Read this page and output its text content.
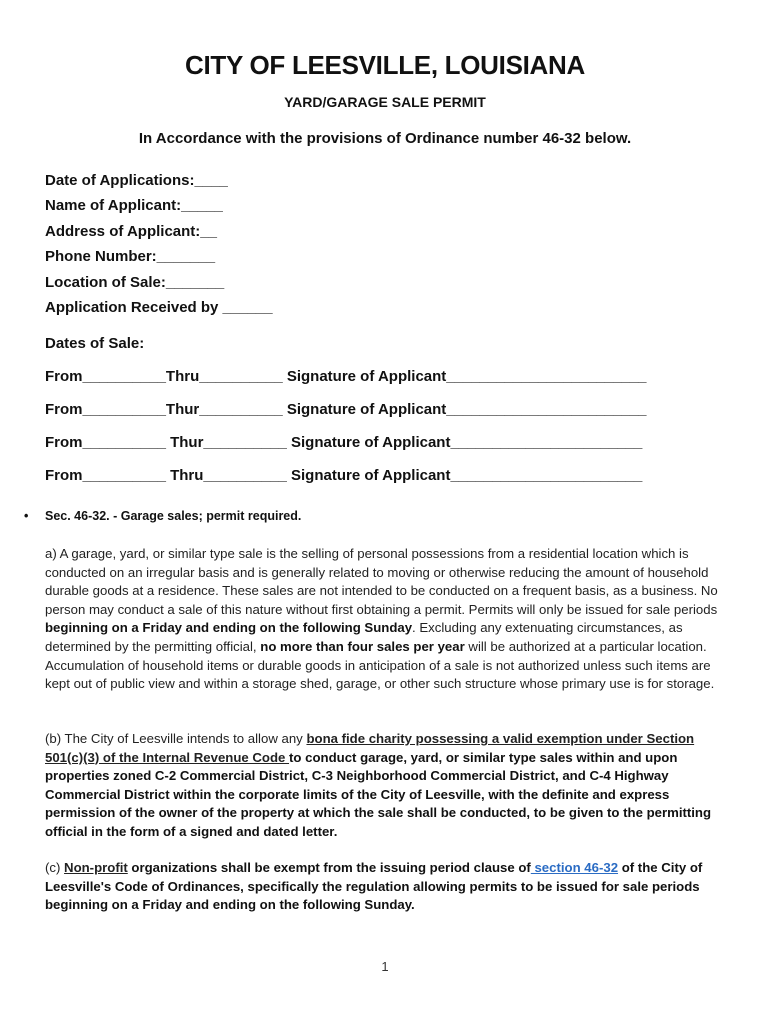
CITY OF LEESVILLE, LOUISIANA
YARD/GARAGE SALE PERMIT
In Accordance with the provisions of Ordinance number 46-32 below.
Date of Applications:____
Name of Applicant:_____
Address of Applicant:__
Phone Number:_______
Location of Sale:_______
Application Received by ______
Dates of Sale:
From__________Thru__________ Signature of Applicant________________________
From__________Thur__________ Signature of Applicant________________________
From__________ Thur__________ Signature of Applicant_______________________
From__________ Thru__________ Signature of Applicant_______________________
• Sec. 46-32. - Garage sales; permit required.
a) A garage, yard, or similar type sale is the selling of personal possessions from a residential location which is conducted on an irregular basis and is generally related to moving or otherwise reducing the amount of household durable goods at a residence. These sales are not intended to be conducted on a frequent basis, as a business. No person may conduct a sale of this nature without first obtaining a permit. Permits will only be issued for sale periods beginning on a Friday and ending on the following Sunday. Excluding any extenuating circumstances, as determined by the permitting official, no more than four sales per year will be authorized at a particular location. Accumulation of household items or durable goods in anticipation of a sale is not authorized unless such items are kept out of public view and within a storage shed, garage, or other such structure whose primary use is for storage.
(b) The City of Leesville intends to allow any bona fide charity possessing a valid exemption under Section 501(c)(3) of the Internal Revenue Code to conduct garage, yard, or similar type sales within and upon properties zoned C-2 Commercial District, C-3 Neighborhood Commercial District, and C-4 Highway Commercial District within the corporate limits of the City of Leesville, with the definite and express permission of the owner of the property at which the sale shall be conducted, to be given to the permitting official in the form of a signed and dated letter.
(c) Non-profit organizations shall be exempt from the issuing period clause of section 46-32 of the City of Leesville's Code of Ordinances, specifically the regulation allowing permits to be issued for sale periods beginning on a Friday and ending on the following Sunday.
1
